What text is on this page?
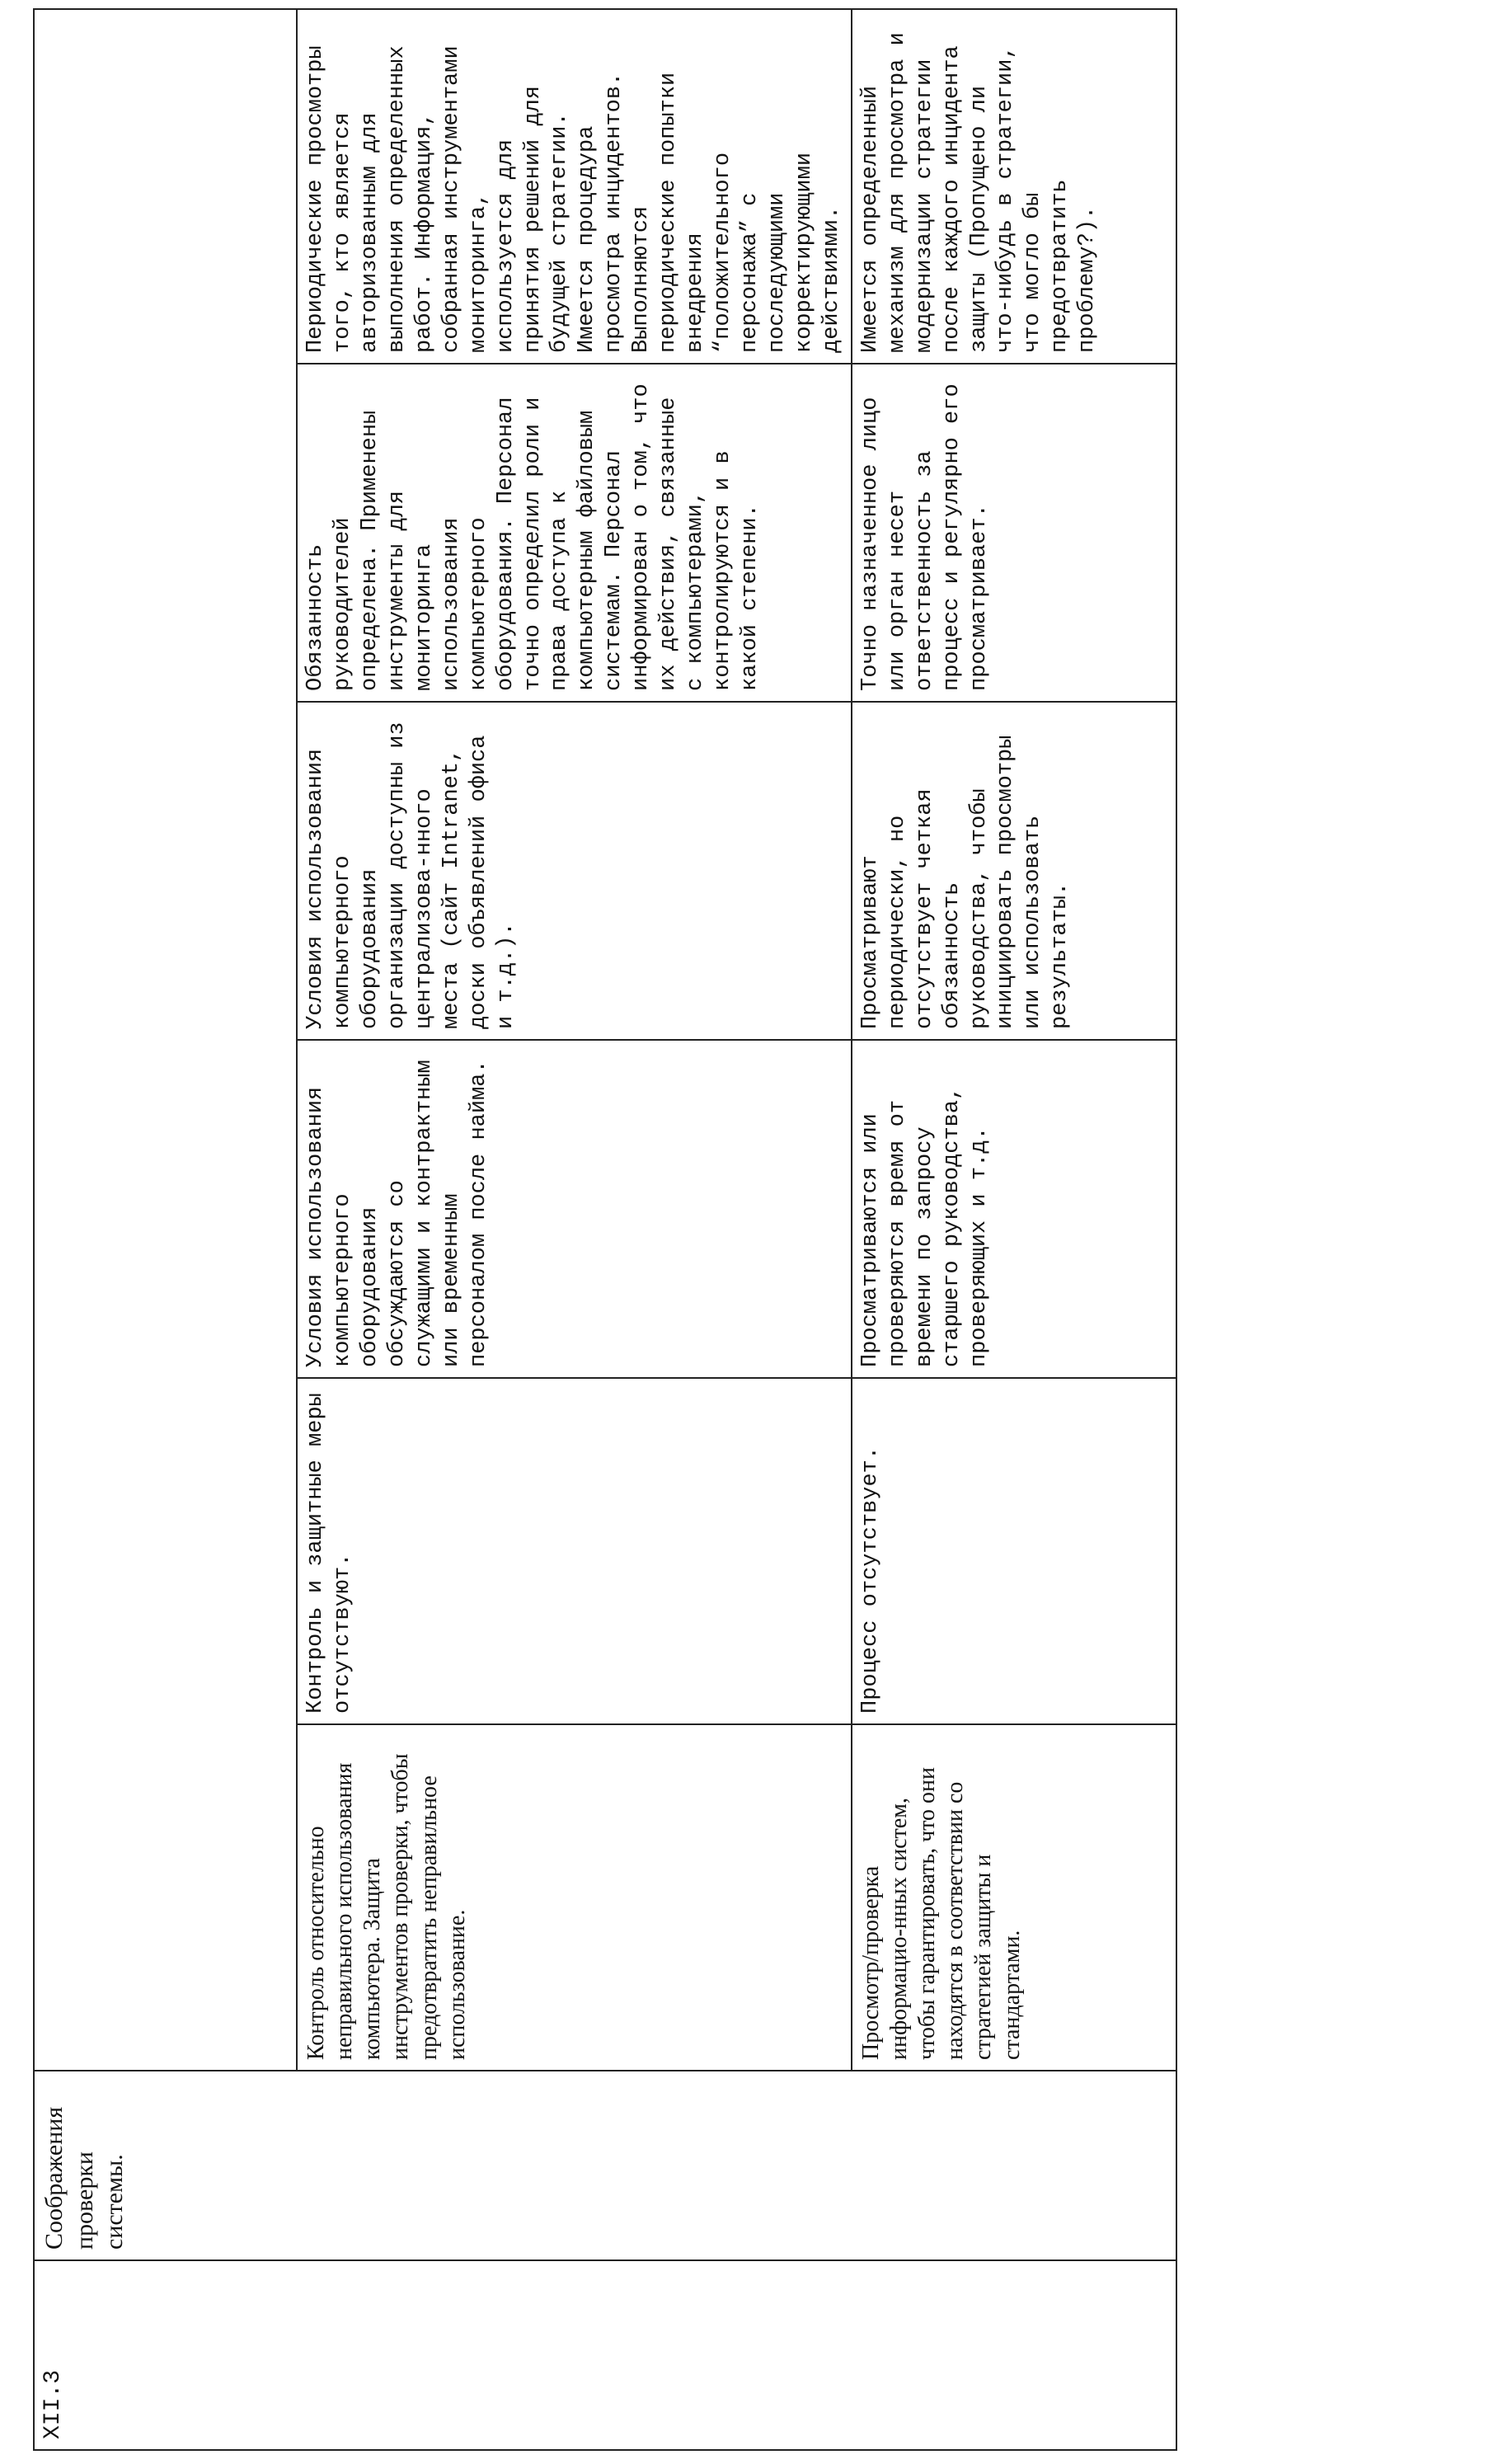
XII.3	Соображения проверки системы.	
Контроль относительно неправильного использования компьютера. Защита инструментов проверки, чтобы предотвратить неправильное использование.	Контроль и защитные меры отсутствуют.	Условия использования компьютерного оборудования обсуждаются со служащими и контрактным или временным персоналом после найма.	Условия использования компьютерного оборудования организации доступны из централизова-нного места (сайт Intranet, доски объявлений офиса и т.д.).	Обязанность руководителей определена. Применены инструменты для мониторинга использования компьютерного оборудования. Персонал точно определил роли и права доступа к компьютерным файловым системам. Персонал информирован о том, что их действия, связанные с компьютерами, контролируются и в какой степени.	Периодические просмотры того, кто является авторизованным для выполнения определенных работ. Информация, собранная инструментами мониторинга, используется для принятия решений для будущей стратегии. Имеется процедура просмотра инцидентов. Выполняются периодические попытки внедрения “положительного персонажа” с последующими корректирующими действиями.	
Просмотр/проверка информацио-нных систем, чтобы гарантировать, что они находятся в соответствии со стратегией защиты и стандартами.	Процесс отсутствует.	Просматриваются или проверяются время от времени по запросу старшего руководства, проверяющих и т.д.	Просматривают периодически, но отсутствует четкая обязанность руководства, чтобы инициировать просмотры или использовать результаты.	Точно назначенное лицо или орган несет ответственность за процесс и регулярно его просматривает.	Имеется определенный механизм для просмотра и модернизации стратегии после каждого инцидента защиты (Пропущено ли что-нибудь в стратегии, что могло бы предотвратить проблему?).
